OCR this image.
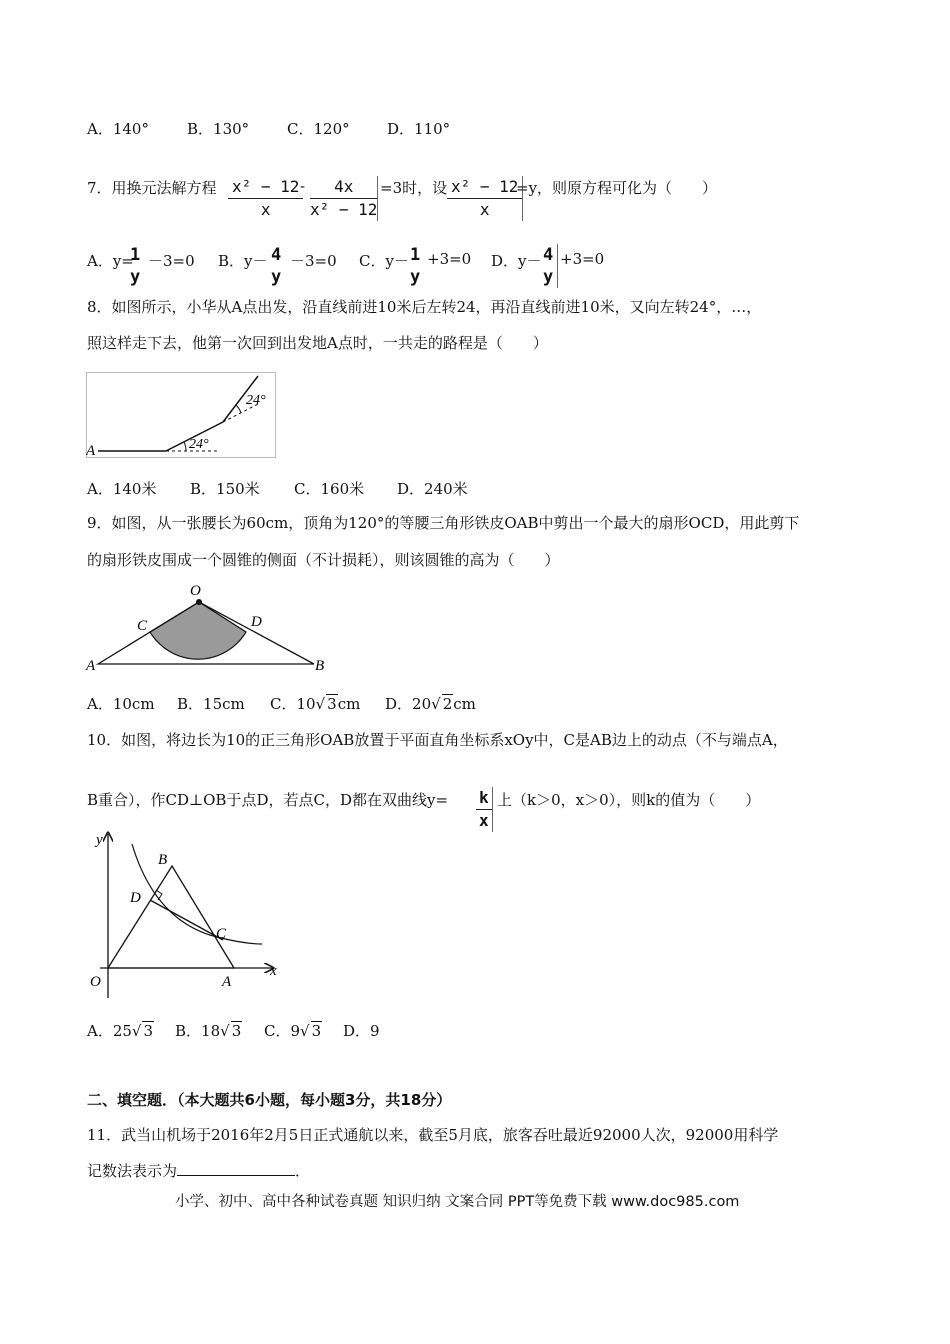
A．140°	B．130°	C．120° D．110°
7．用换元法解方程 $\frac{\text{x² − 12}}{x}$
- $\frac{4x}{\text{x² − 12}} =3$时，设 $\frac{\text{x² − 12}}{x}$
=y，则原方程可化为（　　）
A．y=
1
y
－3=0 B．y－ 4
y
－3=0 C．y－ 1
y
+3=0 D．y－ 4
y
+3=0
8．如图所示，小华从A点出发，沿直线前进10米后左转24，再沿直线前进10米，又向左转24°，…，
照这样走下去，他第一次回到出发地A点时，一共走的路程是（　　）
A	24°
24°
A．140米 B．150米 C．160米 D．240米
9．如图，从一张腰长为60cm，顶角为120°的等腰三角形铁皮OAB中剪出一个最大的扇形OCD，用此剪下
的扇形铁皮围成一个圆锥的侧面（不计损耗），则该圆锥的高为（　　）
O
A	B
C	D
A．10cm B．15cm C．10√ 3cm D．20√ 2cm
10．如图，将边长为10的正三角形OAB放置于平面直角坐标系xOy中，C是AB边上的动点（不与端点A，
B重合），作CD⊥OB于点D，若点C，D都在双曲线$y= \frac{k}{x}$ 上（k＞0，x＞0），则k的值为（　　）
y
x
O	A
B
C
D
A．25√ 3 B．18√ 3 C．9√ 3 D．9
二、填空题．（本大题共6小题，每小题3分，共18分）
11．武当山机场于2016年2月5日正式通航以来，截至5月底，旅客吞吐最近92000人次，92000用科学
记数法表示为	．
小学、初中、高中各种试卷真题 知识归纳 文案合同 PPT等免费下载 www.doc985.com
